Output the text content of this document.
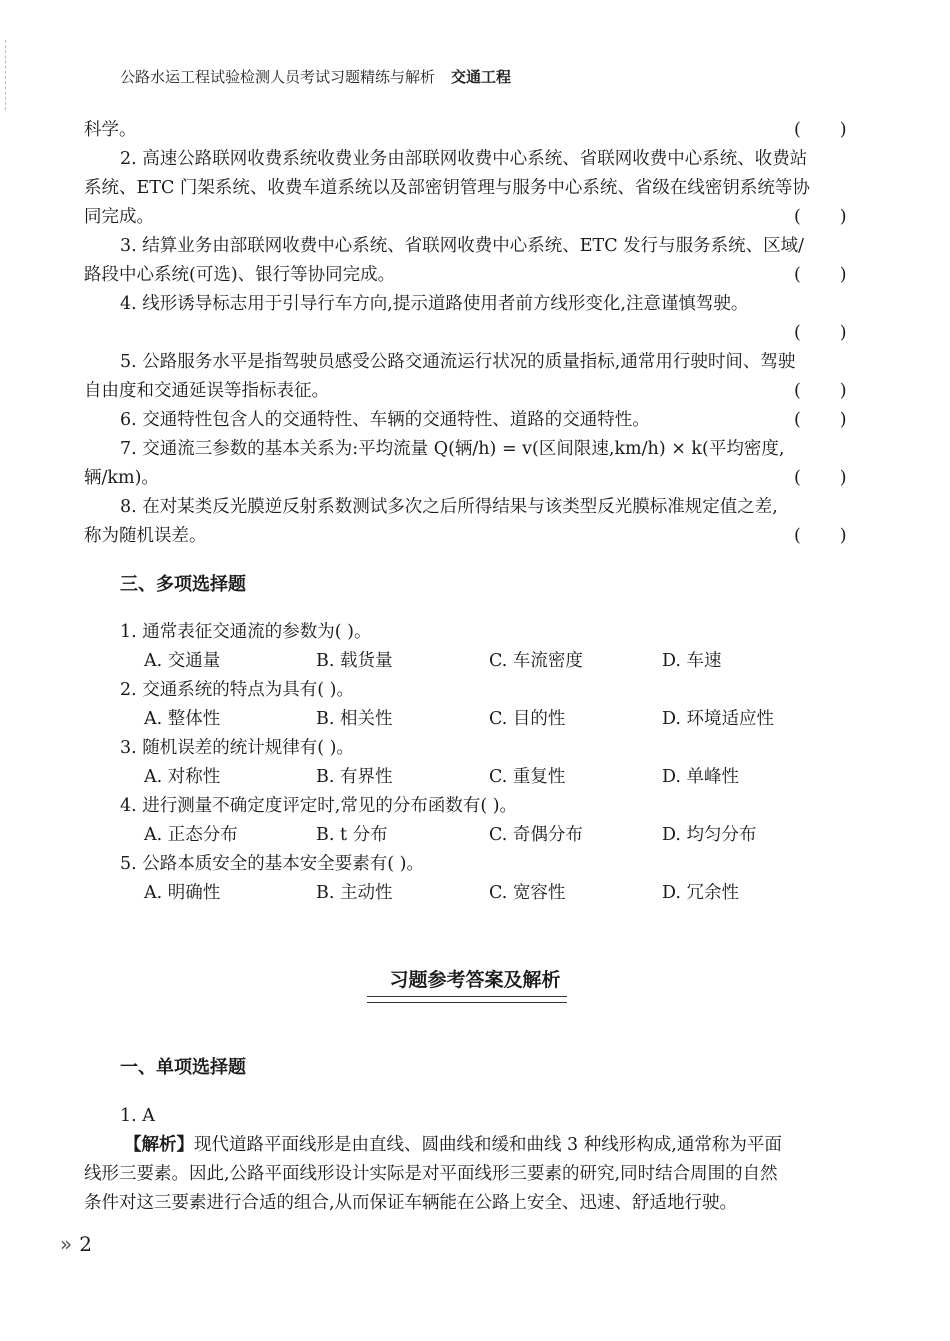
公路水运工程试验检测人员考试习题精练与解析 交通工程
科学。	(       )
2. 高速公路联网收费系统收费业务由部联网收费中心系统、省联网收费中心系统、收费站
系统、ETC 门架系统、收费车道系统以及部密钥管理与服务中心系统、省级在线密钥系统等协
同完成。	(       )
3. 结算业务由部联网收费中心系统、省联网收费中心系统、ETC 发行与服务系统、区域/
路段中心系统(可选)、银行等协同完成。	(       )
4. 线形诱导标志用于引导行车方向,提示道路使用者前方线形变化,注意谨慎驾驶。
(       )
5. 公路服务水平是指驾驶员感受公路交通流运行状况的质量指标,通常用行驶时间、驾驶
自由度和交通延误等指标表征。	(       )
6. 交通特性包含人的交通特性、车辆的交通特性、道路的交通特性。	(       )
7. 交通流三参数的基本关系为:平均流量 Q(辆/h) = v(区间限速,km/h) × k(平均密度,
辆/km)。	(       )
8. 在对某类反光膜逆反射系数测试多次之后所得结果与该类型反光膜标准规定值之差,
称为随机误差。	(       )
三、多项选择题
1. 通常表征交通流的参数为( )。
A. 交通量	B. 载货量	C. 车流密度	D. 车速
2. 交通系统的特点为具有( )。
A. 整体性	B. 相关性	C. 目的性	D. 环境适应性
3. 随机误差的统计规律有( )。
A. 对称性	B. 有界性	C. 重复性	D. 单峰性
4. 进行测量不确定度评定时,常见的分布函数有( )。
A. 正态分布	B. t 分布	C. 奇偶分布	D. 均匀分布
5. 公路本质安全的基本安全要素有( )。
A. 明确性	B. 主动性	C. 宽容性	D. 冗余性
习题参考答案及解析
一、单项选择题
1. A
【解析】现代道路平面线形是由直线、圆曲线和缓和曲线 3 种线形构成,通常称为平面
线形三要素。因此,公路平面线形设计实际是对平面线形三要素的研究,同时结合周围的自然
条件对这三要素进行合适的组合,从而保证车辆能在公路上安全、迅速、舒适地行驶。
» 2
